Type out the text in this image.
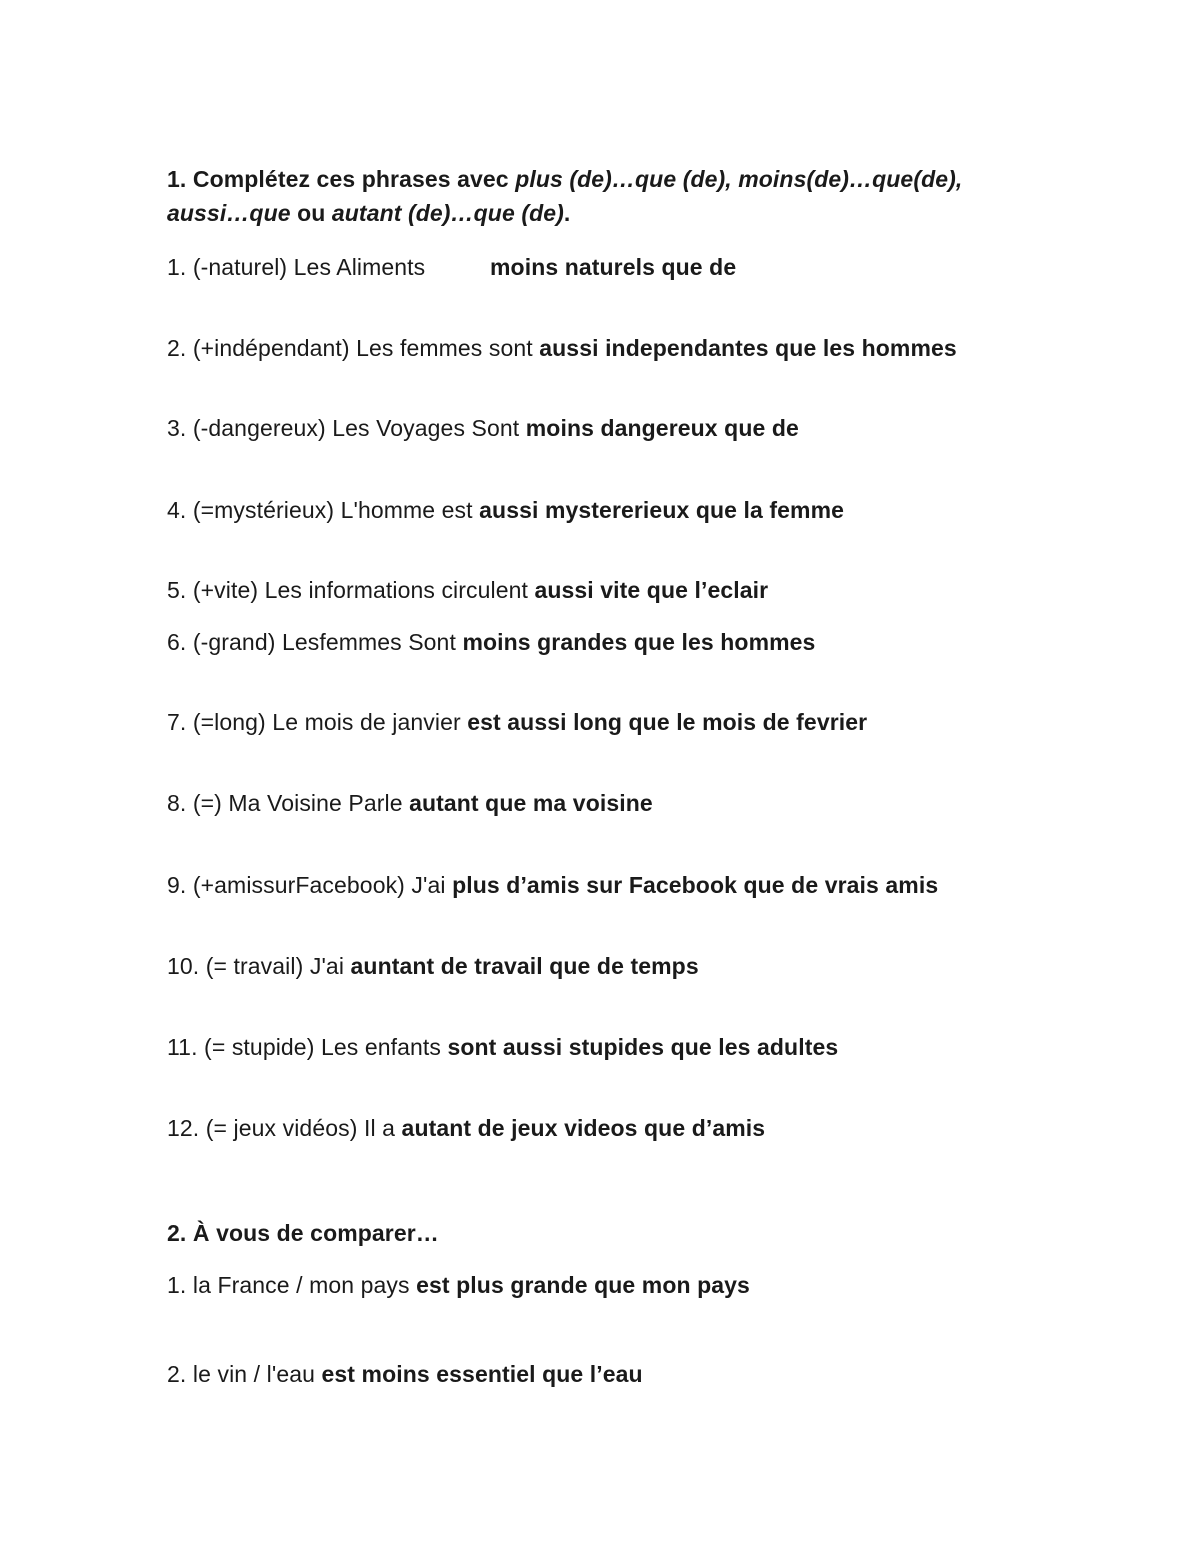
1. Complétez ces phrases avec plus (de)…que (de), moins(de)…que(de), aussi…que ou autant (de)…que (de).
1. (-naturel) Les Aliments	moins naturels que de
2. (+indépendant) Les femmes sont aussi independantes que les hommes
3. (-dangereux) Les Voyages Sont moins dangereux que de
4. (=mystérieux) L'homme est aussi mystererieux que la femme
5. (+vite) Les informations circulent aussi vite que l’eclair
6. (-grand) Lesfemmes Sont moins grandes que les hommes
7. (=long) Le mois de janvier est aussi long que le mois de fevrier
8. (=) Ma Voisine Parle autant que ma voisine
9. (+amissurFacebook) J'ai plus d’amis sur Facebook que de vrais amis
10. (= travail) J'ai auntant de travail que de temps
11. (= stupide) Les enfants sont aussi stupides que les adultes
12. (= jeux vidéos) Il a autant de jeux videos que d’amis
2. À vous de comparer…
1. la France / mon pays est plus grande que mon pays
2. le vin / l'eau est moins essentiel que l’eau
